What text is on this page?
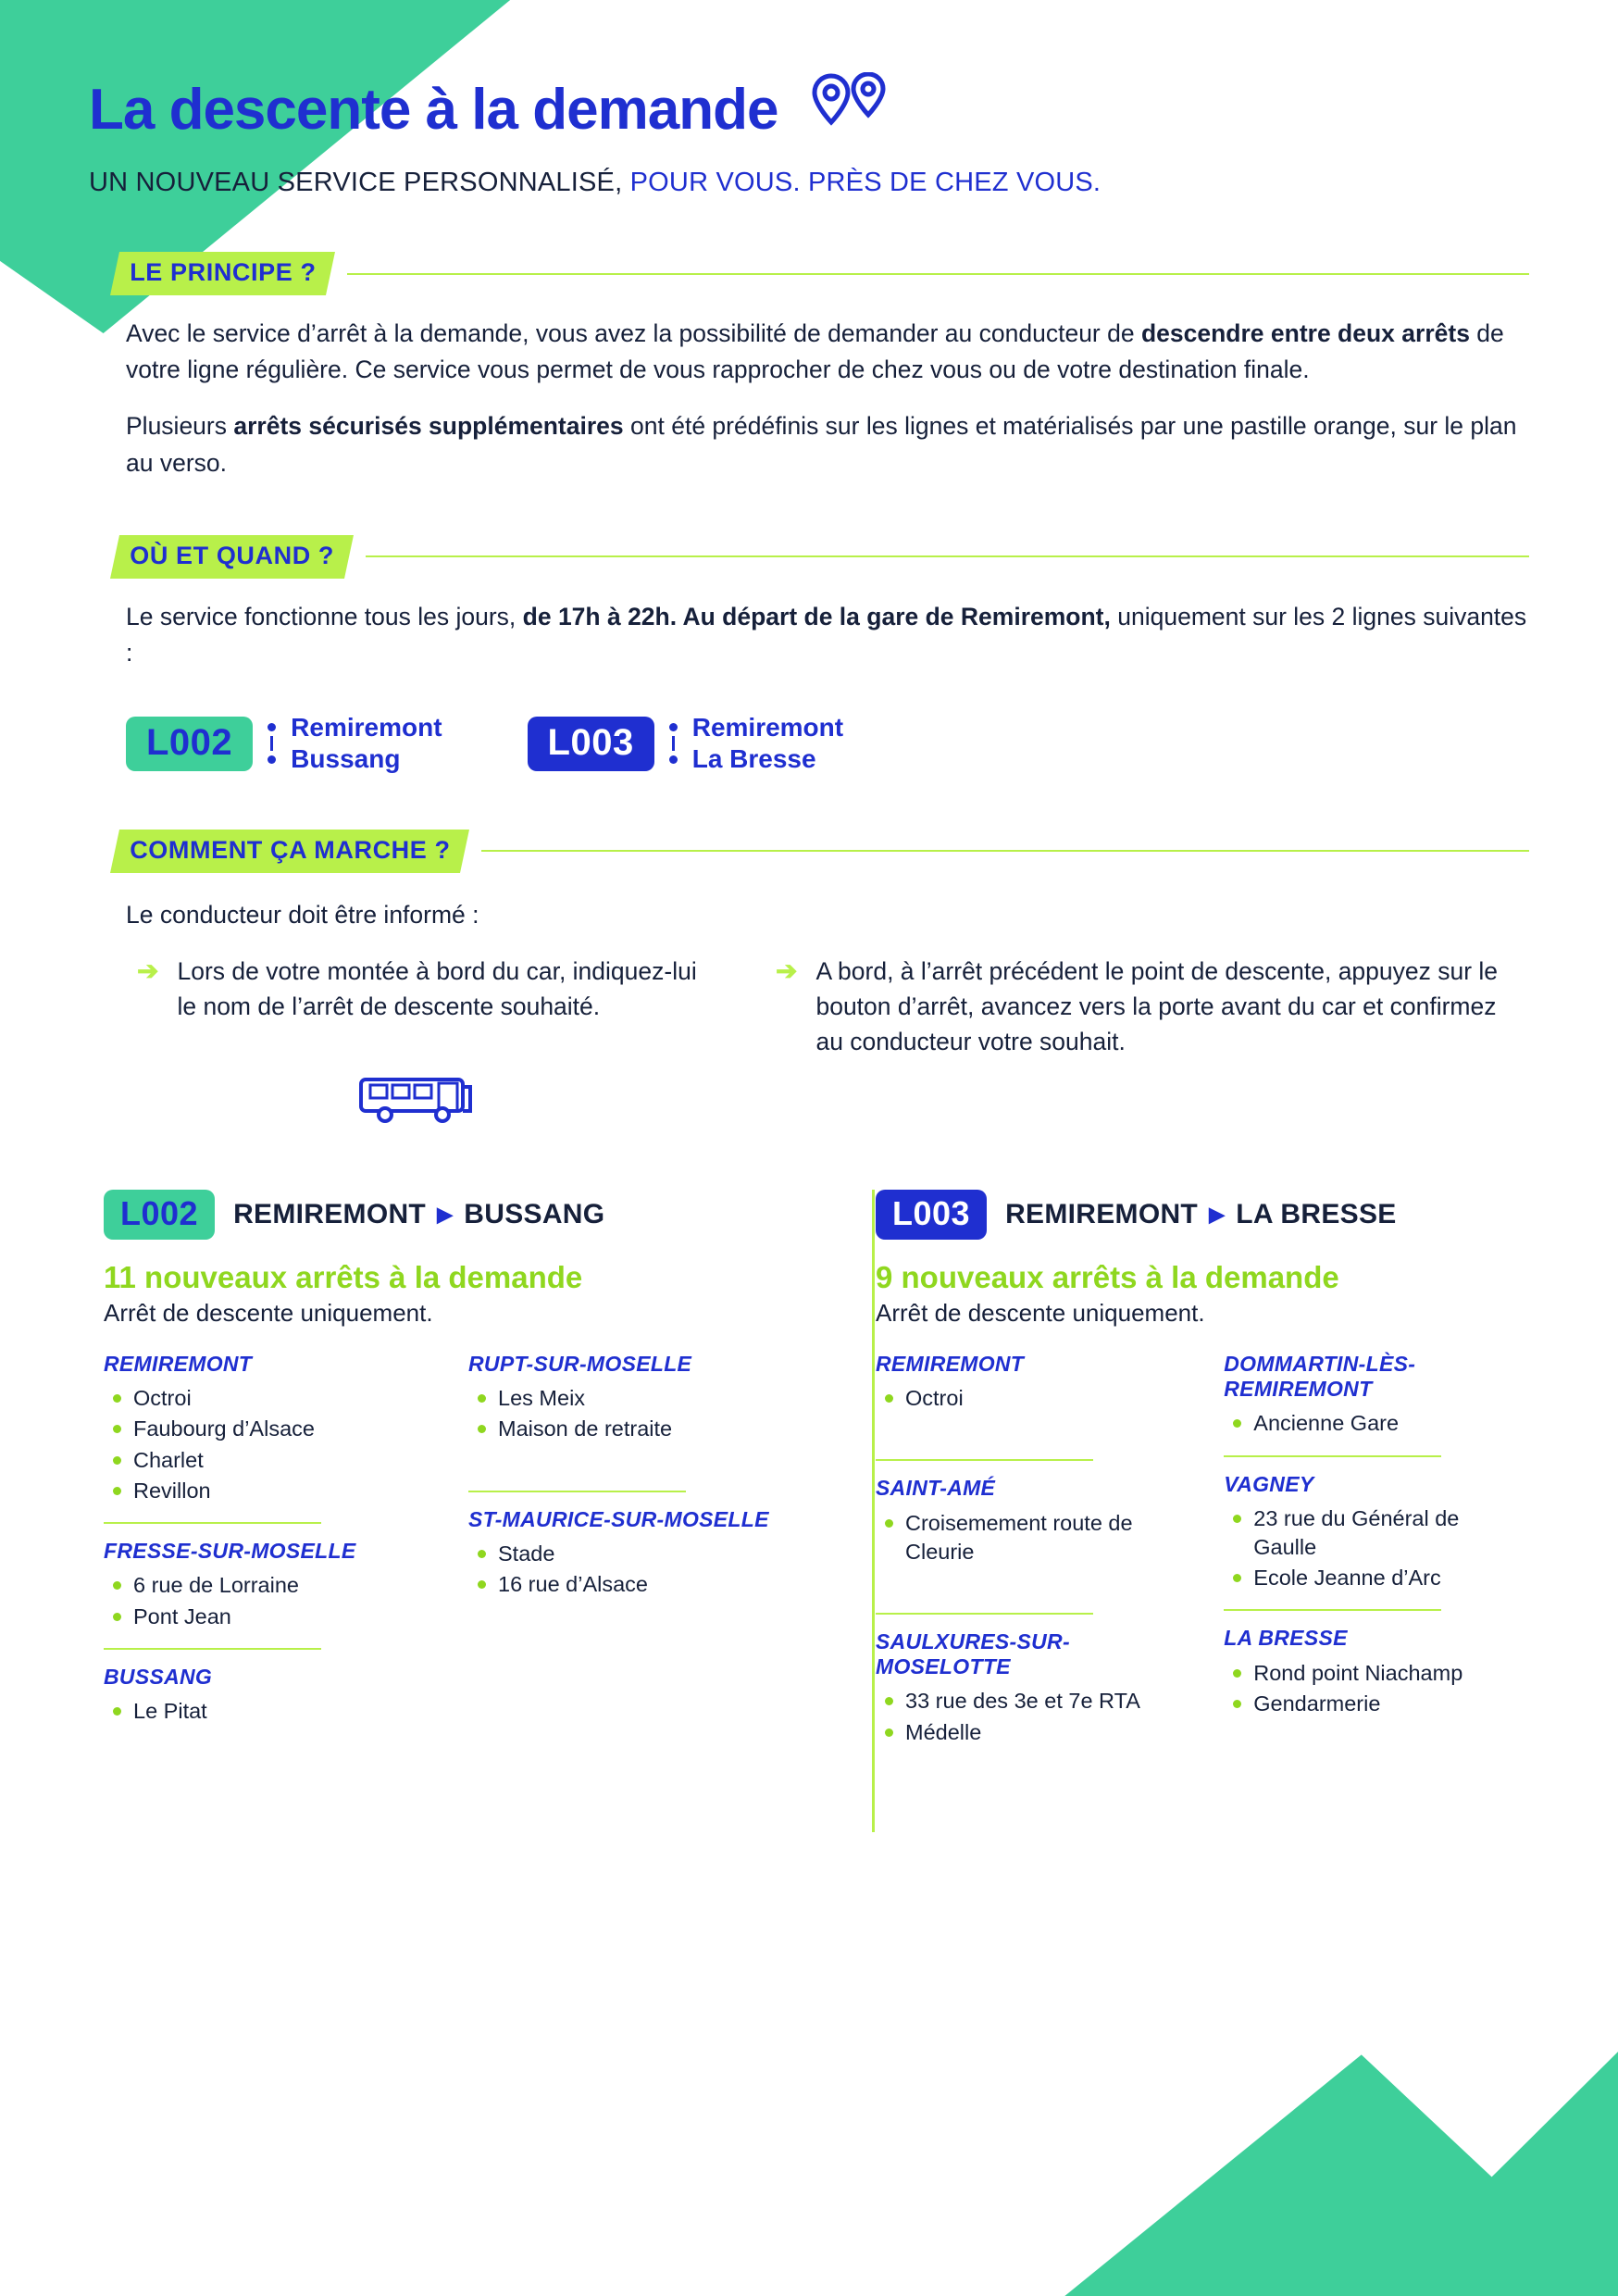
La descente à la demande
UN NOUVEAU SERVICE PERSONNALISÉ, POUR VOUS. PRÈS DE CHEZ VOUS.
LE PRINCIPE ?

Avec le service d’arrêt à la demande, vous avez la possibilité de demander au conducteur de descendre entre deux arrêts de votre ligne régulière. Ce service vous permet de vous rapprocher de chez vous ou de votre destination finale.

Plusieurs arrêts sécurisés supplémentaires ont été prédéfinis sur les lignes et matérialisés par une pastille orange, sur le plan au verso.

OÙ ET QUAND ?

Le service fonctionne tous les jours, de 17h à 22h. Au départ de la gare de Remiremont, uniquement sur les 2 lignes suivantes :

L002	Remiremont
Bussang	L003	Remiremont
La Bresse
COMMENT ÇA MARCHE ?

Le conducteur doit être informé :

➔ Lors de votre montée à bord du car, indiquez-lui le nom de l’arrêt de descente souhaité.

➔ A bord, à l’arrêt précédent le point de descente, appuyez sur le bouton d’arrêt, avancez vers la porte avant du car et confirmez au conducteur votre souhait.

L002	REMIREMONT ▶ BUSSANG
11 nouveaux arrêts à la demande
Arrêt de descente uniquement.
REMIREMONT
Octroi
Faubourg d’Alsace
Charlet
Revillon
FRESSE-SUR-MOSELLE
6 rue de Lorraine
Pont Jean
BUSSANG
Le Pitat
RUPT-SUR-MOSELLE
Les Meix
Maison de retraite
ST-MAURICE-SUR-MOSELLE
Stade
16 rue d’Alsace
L003	REMIREMONT ▶ LA BRESSE
9 nouveaux arrêts à la demande
Arrêt de descente uniquement.
REMIREMONT
Octroi
SAINT-AMÉ
Croisemement route de Cleurie
SAULXURES-SUR-MOSELOTTE
33 rue des 3e et 7e RTA
Médelle
DOMMARTIN-LÈS-REMIREMONT
Ancienne Gare
VAGNEY
23 rue du Général de Gaulle
Ecole Jeanne d’Arc
LA BRESSE
Rond point Niachamp
Gendarmerie
